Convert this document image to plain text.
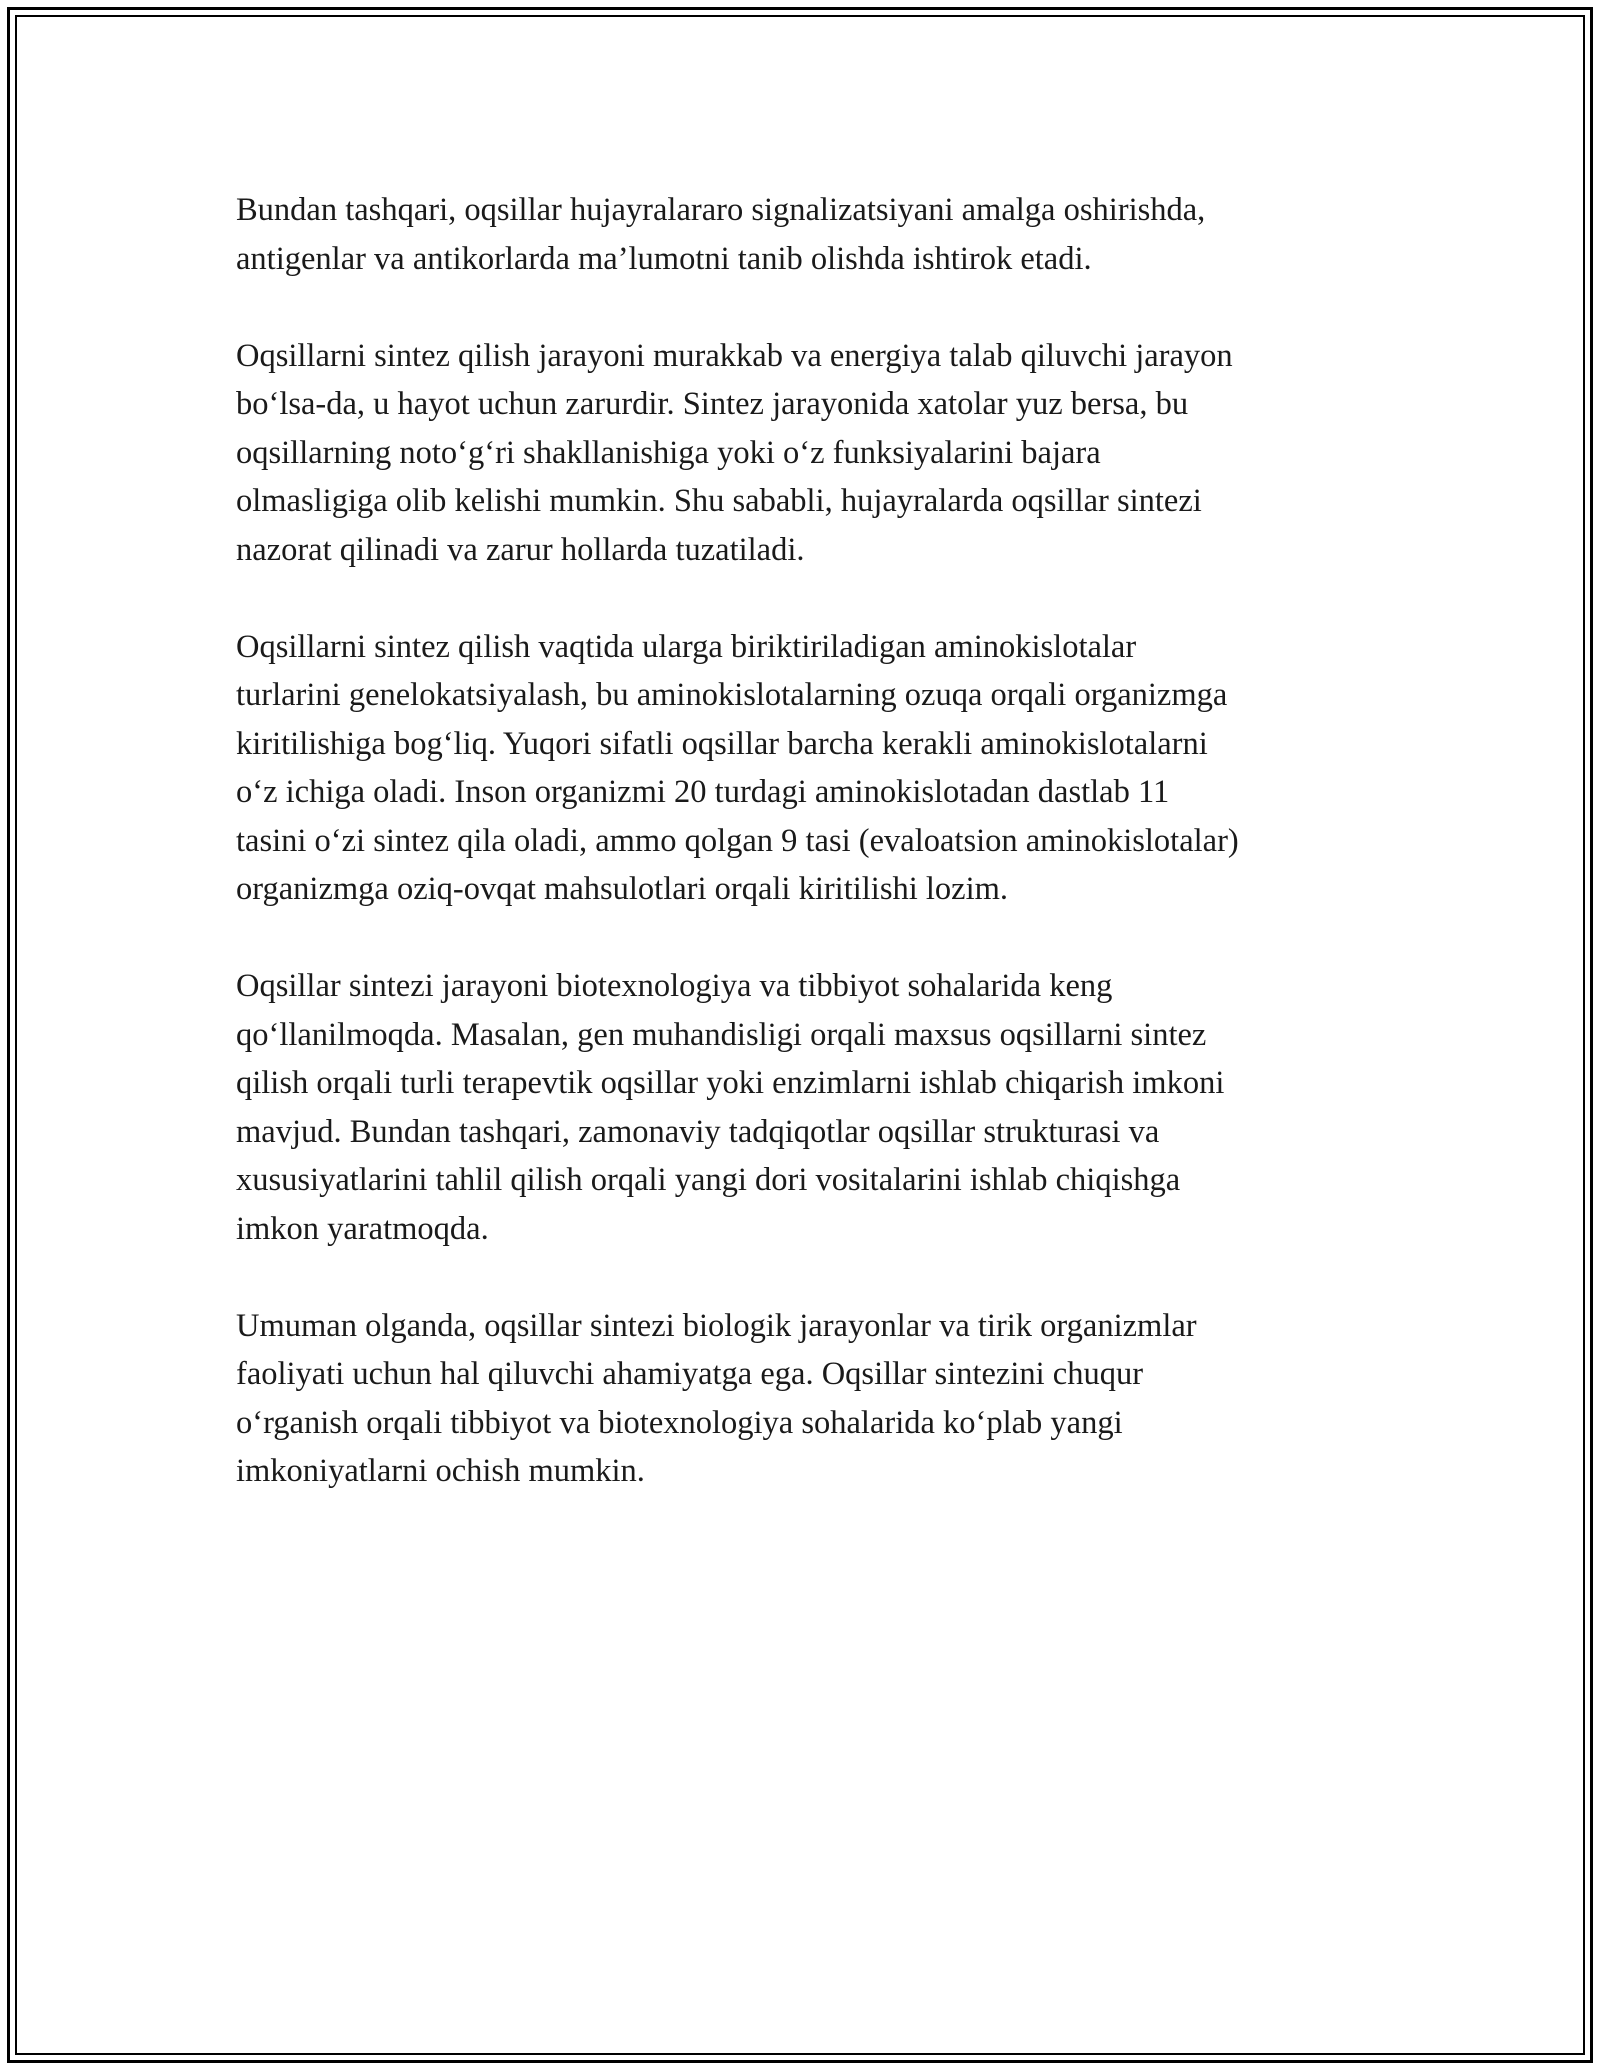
Bundan tashqari, oqsillar hujayralararo signalizatsiyani amalga oshirishda,
antigenlar va antikorlarda ma’lumotni tanib olishda ishtirok etadi.

Oqsillarni sintez qilish jarayoni murakkab va energiya talab qiluvchi jarayon
bo‘lsa-da, u hayot uchun zarurdir. Sintez jarayonida xatolar yuz bersa, bu
oqsillarning noto‘g‘ri shakllanishiga yoki o‘z funksiyalarini bajara
olmasligiga olib kelishi mumkin. Shu sababli, hujayralarda oqsillar sintezi
nazorat qilinadi va zarur hollarda tuzatiladi.

Oqsillarni sintez qilish vaqtida ularga biriktiriladigan aminokislotalar
turlarini genelokatsiyalash, bu aminokislotalarning ozuqa orqali organizmga
kiritilishiga bog‘liq. Yuqori sifatli oqsillar barcha kerakli aminokislotalarni
o‘z ichiga oladi. Inson organizmi 20 turdagi aminokislotadan dastlab 11
tasini o‘zi sintez qila oladi, ammo qolgan 9 tasi (evaloatsion aminokislotalar)
organizmga oziq-ovqat mahsulotlari orqali kiritilishi lozim.

Oqsillar sintezi jarayoni biotexnologiya va tibbiyot sohalarida keng
qo‘llanilmoqda. Masalan, gen muhandisligi orqali maxsus oqsillarni sintez
qilish orqali turli terapevtik oqsillar yoki enzimlarni ishlab chiqarish imkoni
mavjud. Bundan tashqari, zamonaviy tadqiqotlar oqsillar strukturasi va
xususiyatlarini tahlil qilish orqali yangi dori vositalarini ishlab chiqishga
imkon yaratmoqda.

Umuman olganda, oqsillar sintezi biologik jarayonlar va tirik organizmlar
faoliyati uchun hal qiluvchi ahamiyatga ega. Oqsillar sintezini chuqur
o‘rganish orqali tibbiyot va biotexnologiya sohalarida ko‘plab yangi
imkoniyatlarni ochish mumkin.
